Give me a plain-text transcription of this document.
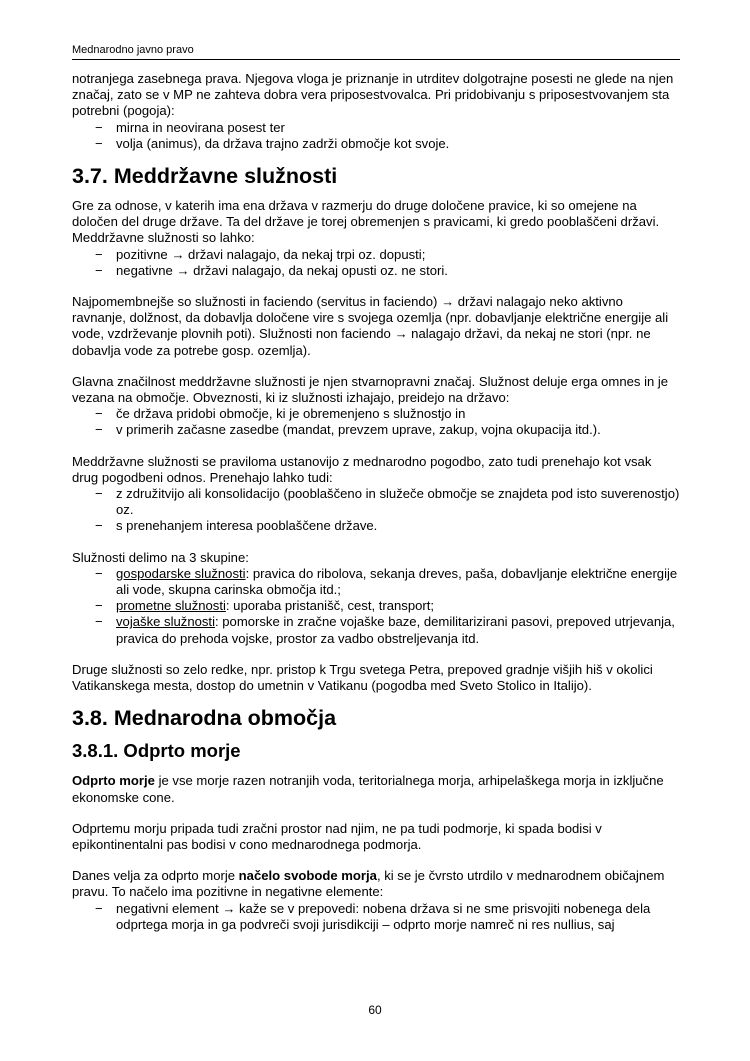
Mednarodno javno pravo

notranjega zasebnega prava. Njegova vloga je priznanje in utrditev dolgotrajne posesti ne glede na njen značaj, zato se v MP ne zahteva dobra vera priposestvovalca. Pri pridobivanju s priposestvovanjem sta potrebni (pogoja):

− mirna in neovirana posest ter
− volja (animus), da država trajno zadrži območje kot svoje.
3.7. Meddržavne služnosti

Gre za odnose, v katerih ima ena država v razmerju do druge določene pravice, ki so omejene na določen del druge države. Ta del države je torej obremenjen s pravicami, ki gredo pooblaščeni državi. Meddržavne služnosti so lahko:

− pozitivne → državi nalagajo, da nekaj trpi oz. dopusti;
− negativne → državi nalagajo, da nekaj opusti oz. ne stori.

Najpomembnejše so služnosti in faciendo (servitus in faciendo) → državi nalagajo neko aktivno ravnanje, dolžnost, da dobavlja določene vire s svojega ozemlja (npr. dobavljanje električne energije ali vode, vzdrževanje plovnih poti). Služnosti non faciendo → nalagajo državi, da nekaj ne stori (npr. ne dobavlja vode za potrebe gosp. ozemlja).

Glavna značilnost meddržavne služnosti je njen stvarnopravni značaj. Služnost deluje erga omnes in je vezana na območje. Obveznosti, ki iz služnosti izhajajo, preidejo na državo:

− če država pridobi območje, ki je obremenjeno s služnostjo in
− v primerih začasne zasedbe (mandat, prevzem uprave, zakup, vojna okupacija itd.).

Meddržavne služnosti se praviloma ustanovijo z mednarodno pogodbo, zato tudi prenehajo kot vsak drug pogodbeni odnos. Prenehajo lahko tudi:

− z združitvijo ali konsolidacijo (pooblaščeno in služeče območje se znajdeta pod isto suverenostjo) oz.
− s prenehanjem interesa pooblaščene države.

Služnosti delimo na 3 skupine:

− gospodarske služnosti: pravica do ribolova, sekanja dreves, paša, dobavljanje električne energije ali vode, skupna carinska območja itd.;
− prometne služnosti: uporaba pristanišč, cest, transport;
− vojaške služnosti: pomorske in zračne vojaške baze, demilitarizirani pasovi, prepoved utrjevanja, pravica do prehoda vojske, prostor za vadbo obstreljevanja itd.

Druge služnosti so zelo redke, npr. pristop k Trgu svetega Petra, prepoved gradnje višjih hiš v okolici Vatikanskega mesta, dostop do umetnin v Vatikanu (pogodba med Sveto Stolico in Italijo).

3.8. Mednarodna območja
3.8.1. Odprto morje

Odprto morje je vse morje razen notranjih voda, teritorialnega morja, arhipelaškega morja in izključne ekonomske cone.

Odprtemu morju pripada tudi zračni prostor nad njim, ne pa tudi podmorje, ki spada bodisi v epikontinentalni pas bodisi v cono mednarodnega podmorja.

Danes velja za odprto morje načelo svobode morja, ki se je čvrsto utrdilo v mednarodnem običajnem pravu. To načelo ima pozitivne in negativne elemente:

− negativni element → kaže se v prepovedi: nobena država si ne sme prisvojiti nobenega dela odprtega morja in ga podvreči svoji jurisdikciji – odprto morje namreč ni res nullius, saj
60
